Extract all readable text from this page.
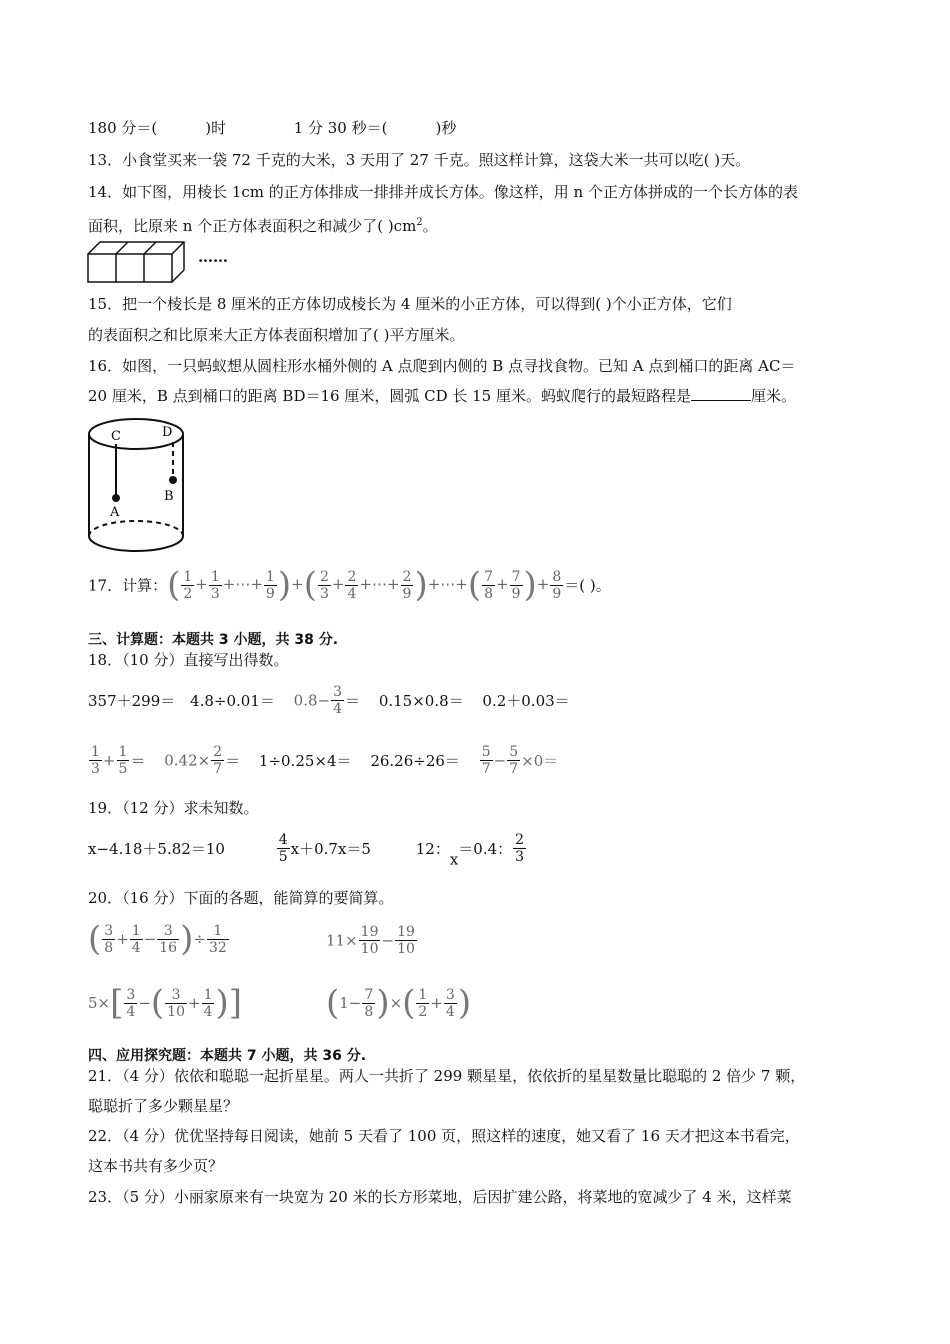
180 分＝(	)时	1 分 30 秒＝(	)秒
13．小食堂买来一袋 72 千克的大米，3 天用了 27 千克。照这样计算，这袋大米一共可以吃( )天。
14．如下图，用棱长 1cm 的正方体排成一排排并成长方体。像这样，用 n 个正方体拼成的一个长方体的表
面积，比原来 n 个正方体表面积之和减少了( )$cm^2$。
……
15．把一个棱长是 8 厘米的正方体切成棱长为 4 厘米的小正方体，可以得到( )个小正方体，它们
的表面积之和比原来大正方体表面积增加了( )平方厘米。
16．如图，一只蚂蚁想从圆柱形水桶外侧的 A 点爬到内侧的 B 点寻找食物。已知 A 点到桶口的距离 AC＝
20 厘米，B 点到桶口的距离 BD＝16 厘米，圆弧 CD 长 15 厘米。蚂蚁爬行的最短路程是	厘米。
C	D
A
B
17．计算：( $\frac{1}{2} + \frac{1}{3}$ +⋯+ $\frac{1}{9}$ )+( $\frac{2}{3} + \frac{2}{4}$ +⋯+ $\frac{2}{9}$ )+⋯+( $\frac{7}{8} + \frac{7}{9}$ )+ $\frac{8}{9}$ ＝( )。
三、计算题：本题共 3 小题，共 38 分.
18．（10 分）直接写出得数。
$357+299= 4.8\div 0.01= 0.8- \frac{3}{4} = 0.15\times 0.8= 0.2+0.03=$
$\frac{1}{3} + \frac{1}{5} = 0.42\times \frac{2}{7} = 1\div 0.25\times 4= 26.26\div 26= \frac{5}{7} - \frac{5}{7} \times 0=$
19．（12 分）求未知数。
x−4.18＋5.82＝10	$\frac{4}{5} x+0.7x=5$	12：x＝0.4： $\frac{2}{3}$
20．（16 分）下面的各题，能简算的要简算。
( $\frac{3}{8} + \frac{1}{4} - \frac{3}{16}$ )÷ $\frac{1}{32}$	$11\times \frac{19}{10} - \frac{19}{10}$
$5\times[ \frac{3}{4}$ −( $\frac{3}{10} + \frac{1}{4}$ )] ($1- \frac{7}{8}$ )×( $\frac{1}{2} + \frac{3}{4}$ )
四、应用探究题：本题共 7 小题，共 36 分.
21．（4 分）依依和聪聪一起折星星。两人一共折了 299 颗星星，依依折的星星数量比聪聪的 2 倍少 7 颗，
聪聪折了多少颗星星？
22．（4 分）优优坚持每日阅读，她前 5 天看了 100 页，照这样的速度，她又看了 16 天才把这本书看完，
这本书共有多少页？
23．（5 分）小丽家原来有一块宽为 20 米的长方形菜地，后因扩建公路，将菜地的宽减少了 4 米，这样菜
